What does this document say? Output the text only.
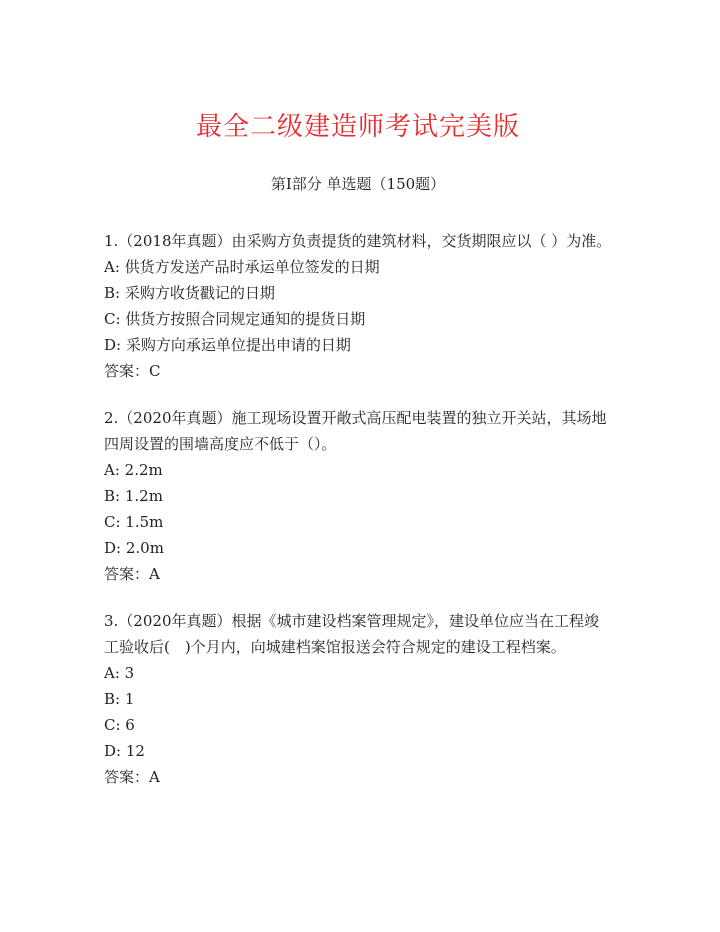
最全二级建造师考试完美版
第Ⅰ部分 单选题（150题）

1.（2018年真题）由采购方负责提货的建筑材料，交货期限应以（ ）为准。

A: 供货方发送产品时承运单位签发的日期

B: 采购方收货戳记的日期

C: 供货方按照合同规定通知的提货日期

D: 采购方向承运单位提出申请的日期

答案：C

2.（2020年真题）施工现场设置开敞式高压配电装置的独立开关站，其场地四周设置的围墙高度应不低于（）。

A: 2.2m

B: 1.2m

C: 1.5m

D: 2.0m

答案：A

3.（2020年真题）根据《城市建设档案管理规定》，建设单位应当在工程竣工验收后(　)个月内，向城建档案馆报送会符合规定的建设工程档案。

A: 3

B: 1

C: 6

D: 12

答案：A
